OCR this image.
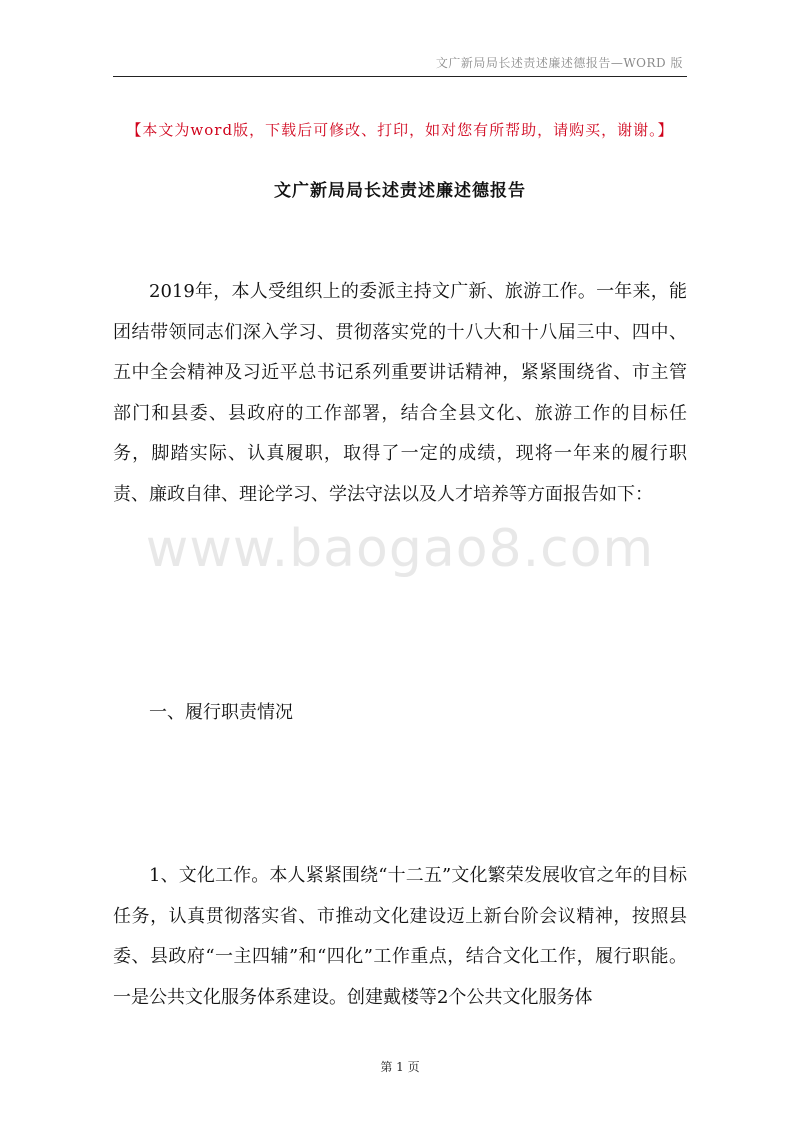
文广新局局长述责述廉述德报告—WORD 版
【本文为word版，下载后可修改、打印，如对您有所帮助，请购买，谢谢。】
文广新局局长述责述廉述德报告

2019年，本人受组织上的委派主持文广新、旅游工作。一年来，能团结带领同志们深入学习、贯彻落实党的十八大和十八届三中、四中、五中全会精神及习近平总书记系列重要讲话精神，紧紧围绕省、市主管部门和县委、县政府的工作部署，结合全县文化、旅游工作的目标任务，脚踏实际、认真履职，取得了一定的成绩，现将一年来的履行职责、廉政自律、理论学习、学法守法以及人才培养等方面报告如下：

www.baogao8.com
一、履行职责情况

1、文化工作。本人紧紧围绕“十二五”文化繁荣发展收官之年的目标任务，认真贯彻落实省、市推动文化建设迈上新台阶会议精神，按照县委、县政府“一主四辅”和“四化”工作重点，结合文化工作，履行职能。一是公共文化服务体系建设。创建戴楼等2个公共文化服务体

第 1 页
